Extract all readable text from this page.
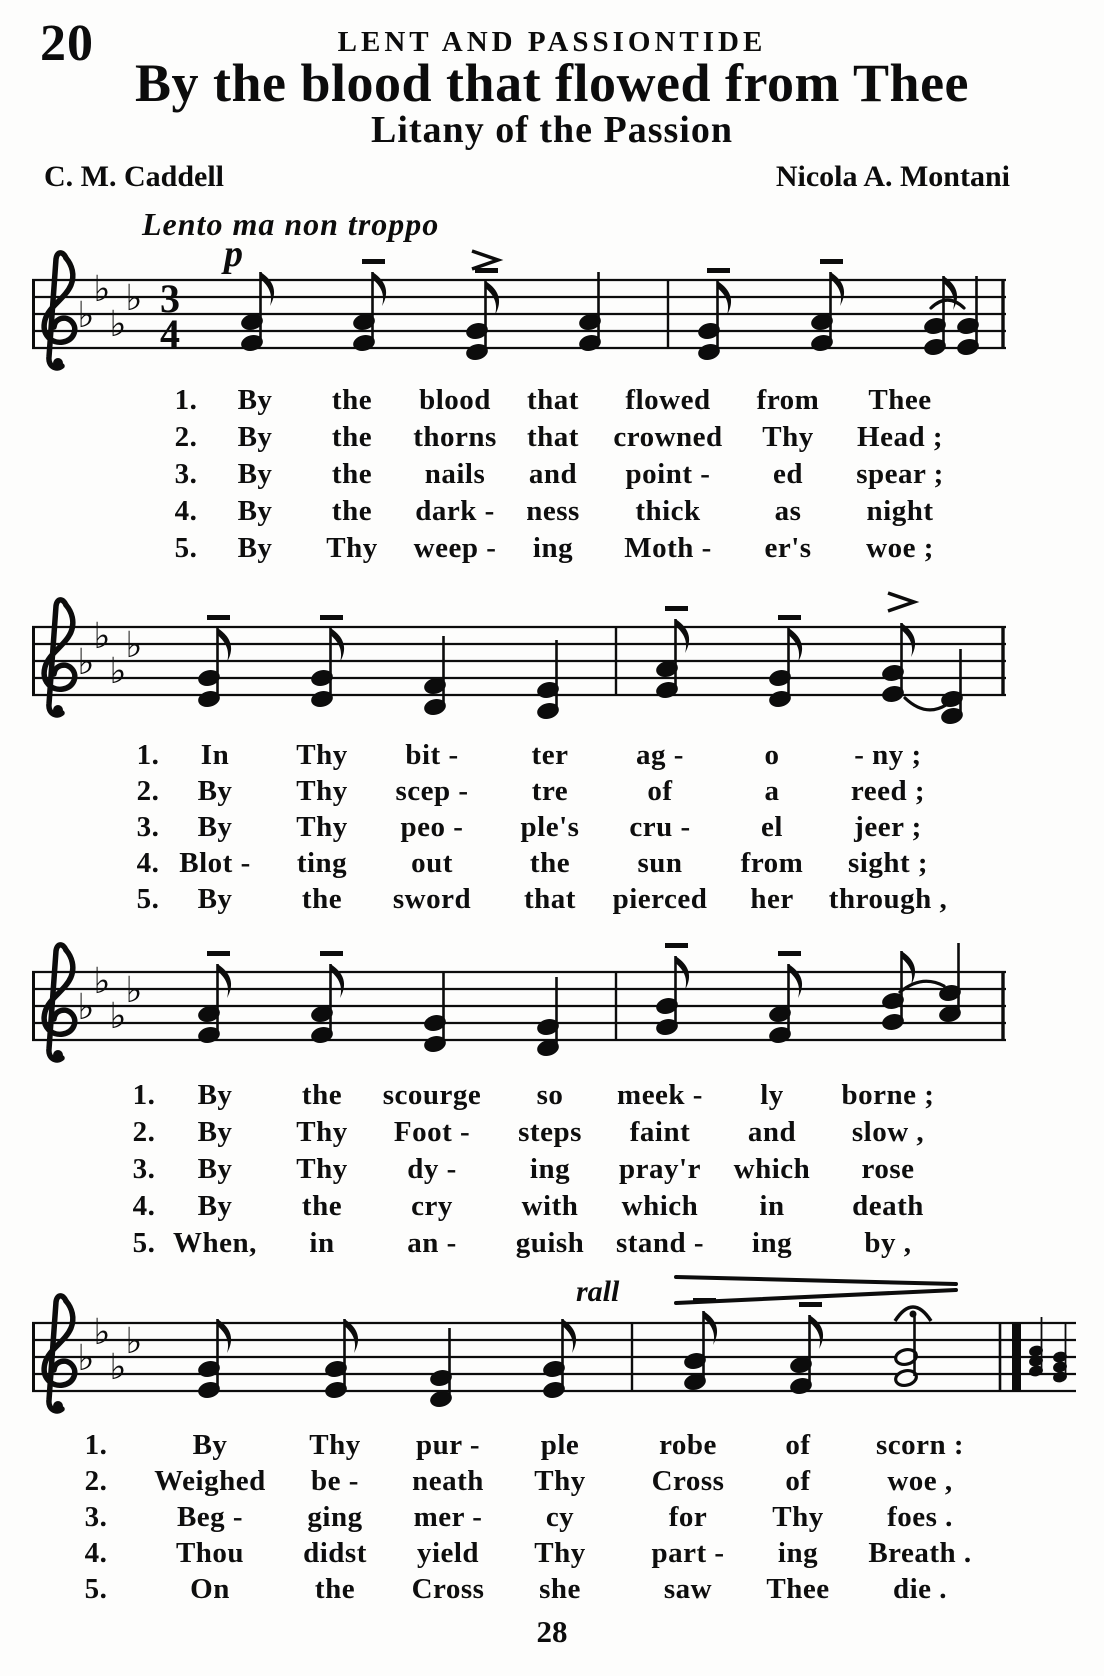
20	LENT AND PASSIONTIDE
By the blood that flowed from Thee
Litany of the Passion
C. M. Caddell	Nicola A. Montani
Lento ma non troppo
♭
♭
♭
♭ 3
4
p
♭
♭
♭
♭
♭
♭
♭
♭
♭
♭
♭
♭
rall
1. By the blood that flowed from Thee
2. By the thorns that crowned Thy Head ;
3. By the nails and point - ed spear ;
4. By the dark - ness thick	as night
5. By Thy weep - ing Moth - er's woe ;
1. In Thy bit -	ter ag -	o	- ny ;
2. By Thy scep - tre	of	a reed ;
3. By Thy peo - ple's cru - el jeer ;
4. Blot - ting out	the sun from sight ;
5. By the sword that pierced her through ,
1. By the scourge so meek - ly borne ;
2. By Thy Foot - steps faint and slow ,
3. By Thy dy -	ing pray'r which rose
4. By the cry with which in death
5. When, in	an - guish stand - ing by ,
1.	By	Thy pur - ple	robe of scorn :
2. Weighed be - neath Thy Cross of	woe ,
3. Beg - ging mer - cy	for Thy foes .
4. Thou didst yield Thy part - ing Breath .
5.	On	the Cross she	saw Thee die .
28
